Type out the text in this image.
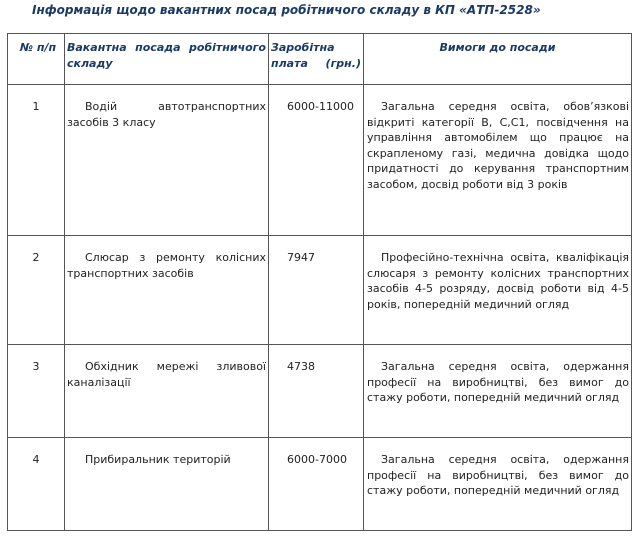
Інформація щодо вакантних посад робітничого складу в КП «АТП-2528»
№ п/п	Вакантна посада робітничого складу	Заробітна плата (грн.)	Вимоги до посади

1	Водій автотранспортних засобів 3 класу	6000-11000	Загальна середня освіта, обов’язкові відкриті категорії В, С,С1, посвідчення на управління автомобілем що працює на скрапленому газі, медична довідка щодо придатності до керування транспортним засобом, досвід роботи від 3 років

2	Слюсар з ремонту колісних транспортних засобів	7947	Професійно-технічна освіта, кваліфікація слюсаря з ремонту колісних транспортних засобів 4-5 розряду, досвід роботи від 4-5 років, попередній медичний огляд

3	Обхідник мережі зливової каналізації	4738	Загальна середня освіта, одержання професії на виробництві, без вимог до стажу роботи, попередній медичний огляд

4	Прибиральник територій	6000-7000	Загальна середня освіта, одержання професії на виробництві, без вимог до стажу роботи, попередній медичний огляд
